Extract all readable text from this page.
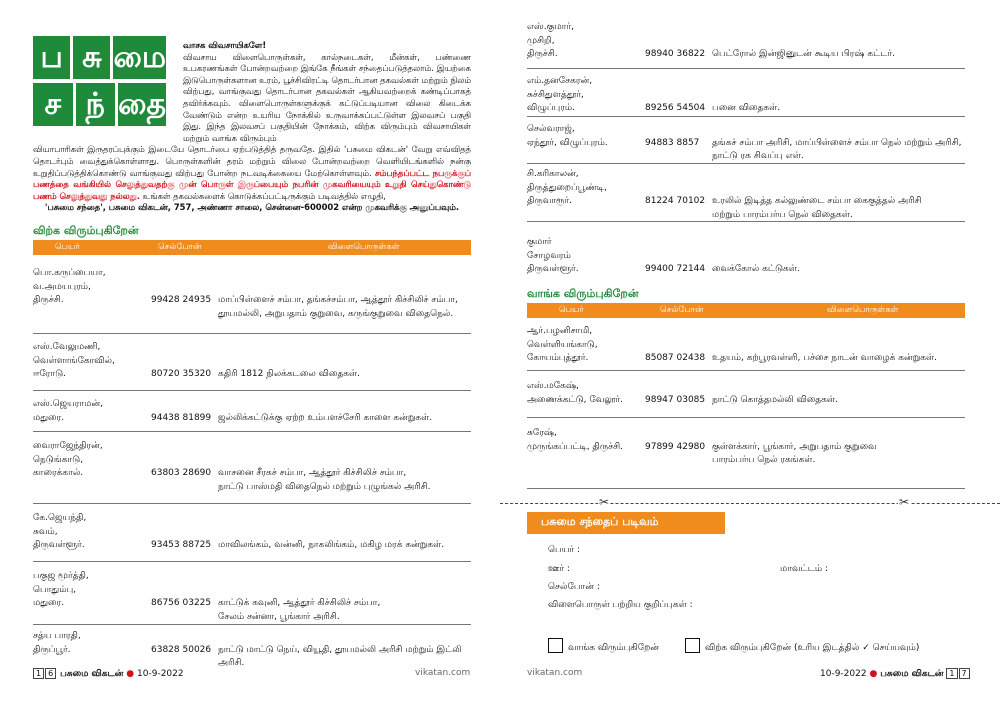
ப சு மை
ச ந் தை
வாசக விவசாயிகளே!
விவசாய விளைபொருள்கள், கால்நடைகள், மீன்கள், பண்ணை உபகரணங்கள் போன்றவற்றை இங்கே நீங்கள் சந்தைப்படுத்தலாம். இயற்கை இடுபொருள்களான உரம், பூச்சிவிரட்டி தொடர்பான தகவல்கள் மற்றும் நிலம் விற்பது, வாங்குவது தொடர்பான தகவல்கள் ஆகியவற்றைக் கண்டிப்பாகத் தவிர்க்கவும். விளைபொருள்களுக்குக் கட்டுப்படியான விலை கிடைக்க வேண்டும் என்ற உயரிய நோக்கில் உருவாக்கப்பட்டுள்ள இலவசப் பகுதி இது. இந்த இலவசப் பகுதியின் நோக்கம், விற்க விரும்பும் விவசாயிகள் மற்றும் வாங்க விரும்பும்
வியாபாரிகள் இருதரப்புக்கும் இடையே தொடர்பை ஏற்படுத்தித் தருவதே. இதில் 'பசுமை விகடன்' வேறு எவ்விதத் தொடர்பும் வைத்துக்கொள்ளாது. பொருள்களின் தரம் மற்றும் விலை போன்றவற்றை வெளியிடங்களில் நன்கு உறுதிப்படுத்திக்கொண்டு வாங்குவது விற்பது போன்ற நடவடிக்கையை மேற்கொள்ளவும். சம்பந்தப்பட்ட நபருக்குப் பணத்தை வங்கியில் செலுத்துவதற்கு முன் பொருள் இருப்பையும் நபரின் முகவரியையும் உறுதி செய்துகொண்டு பணம் செலுத்துவது நல்லது. உங்கள் தகவல்களைக் கொடுக்கப்பட்டிருக்கும் படிவத்தில் எழுதி,
'பசுமை சந்தை', பசுமை விகடன், 757, அண்ணா சாலை, சென்னை-600002 என்ற முகவரிக்கு அனுப்பவும்.
விற்க விரும்புகிறேன்
பெயர்	செல்போன்	விளைபொருள்கள்
பொ.கருப்பையா,
வ.அமயபுரம்,
திருச்சி.	99428 24935 மாப்பிள்ளைச் சம்பா, தங்கச்சம்பா, ஆத்தூர் கிச்சிலிச் சம்பா,
தூயமல்லி, அறுபதாம் குறுவை, கருங்குறுவை விதைநெல்.
எஸ்.வேலுமணி,
வெள்ளாங்கோவில்,
ஈரோடு.	80720 35320 கதிரி 1812 நிலக்கடலை விதைகள்.
எஸ்.ஜெயராமன்,
மதுரை.	94438 81899 ஜல்லிக்கட்டுக்கு ஏற்ற உம்பளச்சேரி காளை கன்றுகள்.
வைராஜேந்திரன்,
நெடுங்காடு,
காரைக்கால்.	63803 28690 வாசனை சீரகச் சம்பா, ஆத்தூர் கிச்சிலிச் சம்பா,
நாட்டு பாஸ்மதி விதைநெல் மற்றும் புழுங்கல் அரிசி.
கே.ஜெயந்தி,
சுவம்,
திருவள்ளூர்.	93453 88725 மாவிலங்கம், வன்னி, நாகலிங்கம், மகிழ மரக் கன்றுகள்.
பகுஜ மூர்த்தி,
பொதும்பு,
மதுரை.	86756 03225 காட்டுக் கவுனி, ஆத்தூர் கிச்சிலிச் சம்பா,
சேலம் சன்னா, பூங்கார் அரிசி.
சத்ய பாரதி,
திருப்பூர்.	63828 50026 நாட்டு மாட்டு நெய், வியூதி, தூயமல்லி அரிசி மற்றும் இட்லி அரிசி.
எஸ்.குமார்,
முசிறி,
திருச்சி.	98940 36822 பெட்ரோல் இன்ஜினுடன் கூடிய பிரஷ் கட்டர்.
எம்.தனசேகரன்,
சுச்சிதுளத்தூர்,
விழுப்புரம்.	89256 54504 பனை விதைகள்.
செல்வராஜ்,
ஏந்தூர், விழுப்புரம்.	94883 8857 தங்கச் சம்பா அரிசி, மாப்பிள்ளைச் சம்பா நெல் மற்றும் அரிசி,
நாட்டு ரக சிவப்பு எள்.
சி.கரிகாலன்,
திருத்துறைப்பூண்டி,
திருவாரூர்.	81224 70102 உரலில் இடித்த கல்லுண்டை சம்பா கைகுத்தல் அரிசி
மற்றும் பாரம்பர்ய நெல் விதைகள்.
குமார்
சோழவரம்
திருவள்ளூர்.	99400 72144 வைக்கோல் கட்டுகள்.
வாங்க விரும்புகிறேன்
பெயர்	செல்போன்	விளைபொருள்கள்
ஆர்.பழனிசாமி,
வெள்ளியங்காடு,
கோயம்புத்தூர்.	85087 02438 உதயம், கற்பூரவள்ளி, பச்சை நாடன் வாழைக் கன்றுகள்.
எஸ்.மகேஷ்,
அணைக்கட்டு, வேலூர்.	98947 03085 நாட்டு கொத்தமல்லி விதைகள்.
சுரேஷ்,
முருங்கப்பட்டி, திருச்சி.	97899 42980 குள்ளக்கார், பூங்கார், அறுபதாம் குறுவை
பாரம்பர்ய நெல் ரகங்கள்.
✂	✂
பசுமை சந்தைப் படிவம்
பெயர் :
ஊர் :	மாவட்டம் :
செல்போன் :
விளைபொருள் பற்றிய குறிப்புகள் :
வாங்க விரும்புகிறேன்	விற்க விரும்புகிறேன் (உரிய இடத்தில் ✓ செய்யவும்)
1 6 பசுமை விகடன் ● 10-9-2022	vikatan.com	vikatan.com	10-9-2022 ● பசுமை விகடன் 1 7
